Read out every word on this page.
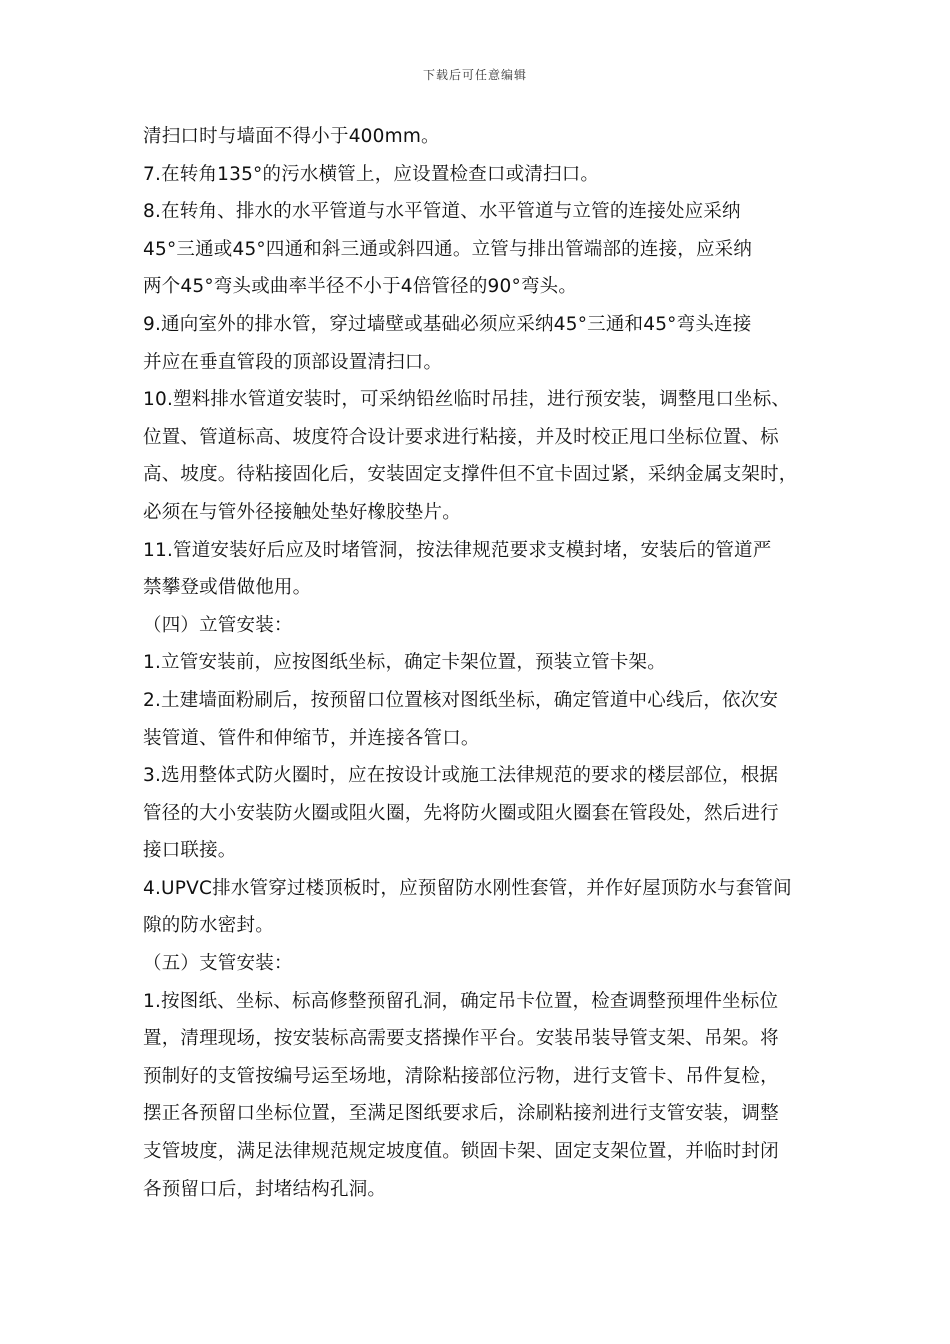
下载后可任意编辑
清扫口时与墙面不得小于400mm。
7.在转角135°的污水横管上，应设置检查口或清扫口。
8.在转角、排水的水平管道与水平管道、水平管道与立管的连接处应采纳
45°三通或45°四通和斜三通或斜四通。立管与排出管端部的连接，应采纳
两个45°弯头或曲率半径不小于4倍管径的90°弯头。
9.通向室外的排水管，穿过墙壁或基础必须应采纳45°三通和45°弯头连接
并应在垂直管段的顶部设置清扫口。
10.塑料排水管道安装时，可采纳铅丝临时吊挂，进行预安装，调整甩口坐标、
位置、管道标高、坡度符合设计要求进行粘接，并及时校正甩口坐标位置、标
高、坡度。待粘接固化后，安装固定支撑件但不宜卡固过紧，采纳金属支架时，
必须在与管外径接触处垫好橡胶垫片。
11.管道安装好后应及时堵管洞，按法律规范要求支模封堵，安装后的管道严
禁攀登或借做他用。
（四）立管安装：
1.立管安装前，应按图纸坐标，确定卡架位置，预装立管卡架。
2.土建墙面粉刷后，按预留口位置核对图纸坐标，确定管道中心线后，依次安
装管道、管件和伸缩节，并连接各管口。
3.选用整体式防火圈时，应在按设计或施工法律规范的要求的楼层部位，根据
管径的大小安装防火圈或阻火圈，先将防火圈或阻火圈套在管段处，然后进行
接口联接。
4.UPVC排水管穿过楼顶板时，应预留防水刚性套管，并作好屋顶防水与套管间
隙的防水密封。
（五）支管安装：
1.按图纸、坐标、标高修整预留孔洞，确定吊卡位置，检查调整预埋件坐标位
置，清理现场，按安装标高需要支搭操作平台。安装吊装导管支架、吊架。将
预制好的支管按编号运至场地，清除粘接部位污物，进行支管卡、吊件复检，
摆正各预留口坐标位置，至满足图纸要求后，涂刷粘接剂进行支管安装，调整
支管坡度，满足法律规范规定坡度值。锁固卡架、固定支架位置，并临时封闭
各预留口后，封堵结构孔洞。
